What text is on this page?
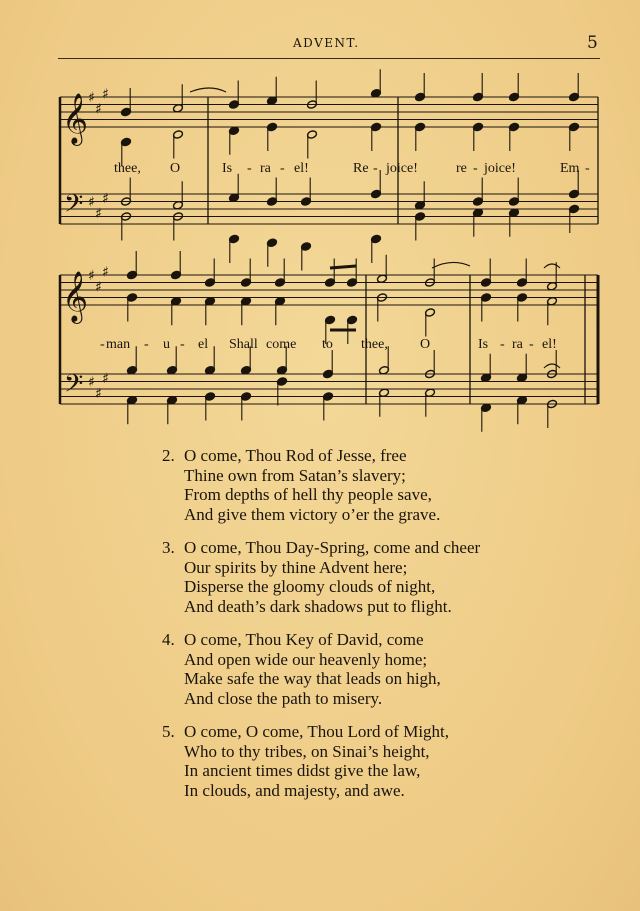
ADVENT.	5
𝄞
𝄢
𝄞
𝄢
♯
♯
♯
♯
♯
♯
♯
♯
♯
♯
♯
♯
thee, O	Is - ra - el!	Re - joice!	re - joice!	Em -
- man - u - el Shall come to thee, O	Is - ra - el!
2. O come, Thou Rod of Jesse, free
Thine own from Satan’s slavery;
From depths of hell thy people save,
And give them victory o’er the grave.
3. O come, Thou Day-Spring, come and cheer
Our spirits by thine Advent here;
Disperse the gloomy clouds of night,
And death’s dark shadows put to flight.
4. O come, Thou Key of David, come
And open wide our heavenly home;
Make safe the way that leads on high,
And close the path to misery.
5. O come, O come, Thou Lord of Might,
Who to thy tribes, on Sinai’s height,
In ancient times didst give the law,
In clouds, and majesty, and awe.
